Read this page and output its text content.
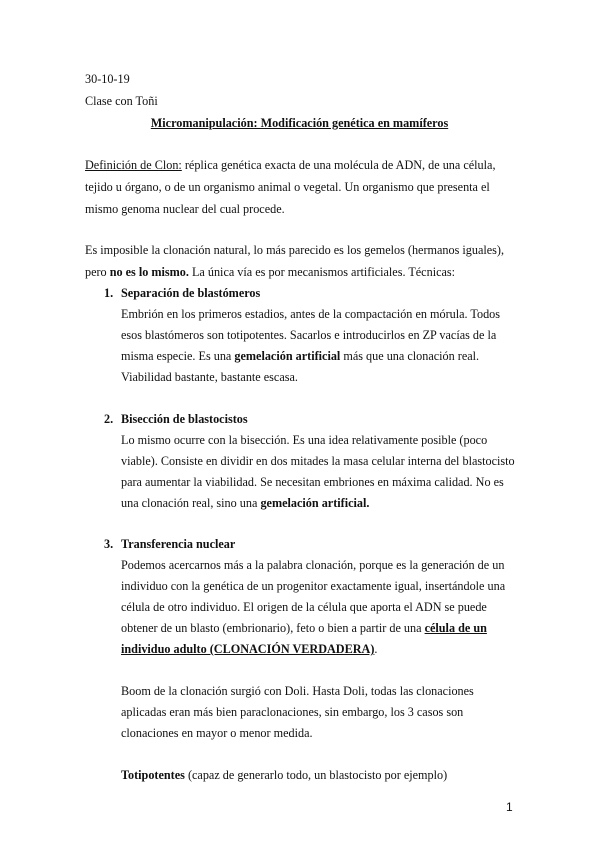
30-10-19
Clase con Toñi
Micromanipulación: Modificación genética en mamíferos
Definición de Clon: réplica genética exacta de una molécula de ADN, de una célula,
tejido u órgano, o de un organismo animal o vegetal. Un organismo que presenta el
mismo genoma nuclear del cual procede.
Es imposible la clonación natural, lo más parecido es los gemelos (hermanos iguales),
pero no es lo mismo. La única vía es por mecanismos artificiales. Técnicas:
1. Separación de blastómeros
Embrión en los primeros estadios, antes de la compactación en mórula. Todos
esos blastómeros son totipotentes. Sacarlos e introducirlos en ZP vacías de la
misma especie. Es una gemelación artificial más que una clonación real.
Viabilidad bastante, bastante escasa.
2. Bisección de blastocistos
Lo mismo ocurre con la bisección. Es una idea relativamente posible (poco
viable). Consiste en dividir en dos mitades la masa celular interna del blastocisto
para aumentar la viabilidad. Se necesitan embriones en máxima calidad. No es
una clonación real, sino una gemelación artificial.
3. Transferencia nuclear
Podemos acercarnos más a la palabra clonación, porque es la generación de un
individuo con la genética de un progenitor exactamente igual, insertándole una
célula de otro individuo. El origen de la célula que aporta el ADN se puede
obtener de un blasto (embrionario), feto o bien a partir de una célula de un
individuo adulto (CLONACIÓN VERDADERA).
Boom de la clonación surgió con Doli. Hasta Doli, todas las clonaciones
aplicadas eran más bien paraclonaciones, sin embargo, los 3 casos son
clonaciones en mayor o menor medida.
Totipotentes (capaz de generarlo todo, un blastocisto por ejemplo)
1
